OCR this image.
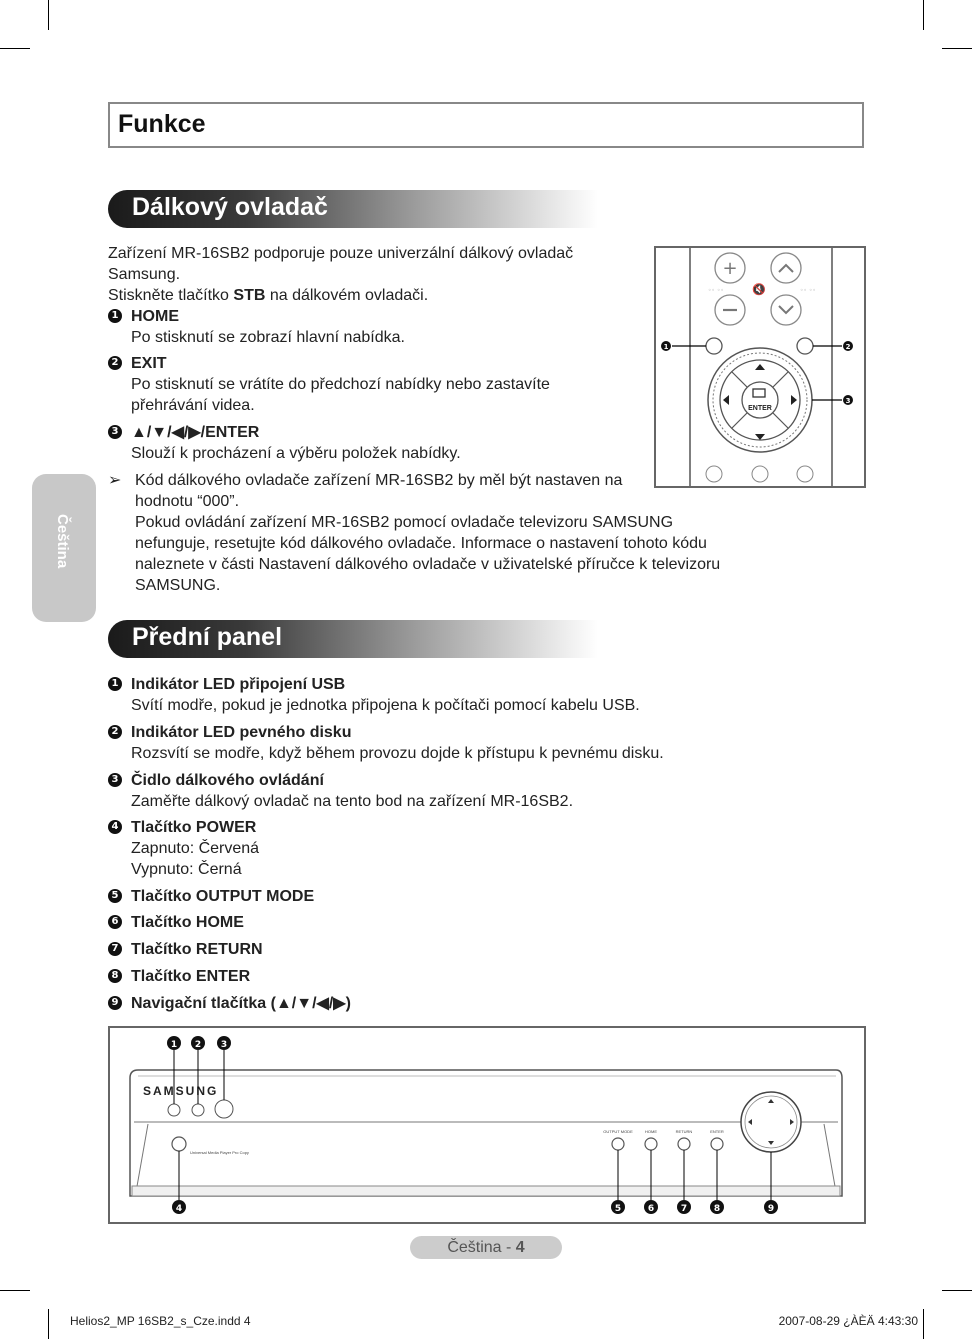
Funkce
Čeština
Dálkový ovladač
Zařízení MR-16SB2 podporuje pouze univerzální dálkový ovladač
Samsung.
Stiskněte tlačítko STB na dálkovém ovladači.
1 HOME
Po stisknutí se zobrazí hlavní nabídka.
2 EXIT
Po stisknutí se vrátíte do předchozí nabídky nebo zastavíte
přehrávání videa.
3 ▲/▼/◀/▶/ENTER
Slouží k procházení a výběru položek nabídky.
➢ Kód dálkového ovladače zařízení MR-16SB2 by měl být nastaven na
hodnotu “000”.
Pokud ovládání zařízení MR-16SB2 pomocí ovladače televizoru SAMSUNG
nefunguje, resetujte kód dálkového ovladače. Informace o nastavení tohoto kódu
naleznete v části Nastavení dálkového ovladače v uživatelské příručce k televizoru
SAMSUNG.
+
🔇
◦◦ ◦◦	◦◦ ◦◦
ENTER
1	2
3
Přední panel
1 Indikátor LED připojení USB
Svítí modře, pokud je jednotka připojena k počítači pomocí kabelu USB.
2 Indikátor LED pevného disku
Rozsvítí se modře, když během provozu dojde k přístupu k pevnému disku.
3 Čidlo dálkového ovládání
Zaměřte dálkový ovladač na tento bod na zařízení MR-16SB2.
4 Tlačítko POWER
Zapnuto: Červená
Vypnuto: Černá
5 Tlačítko OUTPUT MODE
6 Tlačítko HOME
7 Tlačítko RETURN
8 Tlačítko ENTER
9 Navigační tlačítka (▲/▼/◀/▶)
SAMSUNG
Universal Media Player Pro Copy
OUTPUT MODE	HOME	RETURN	ENTER
1 2 3
4	5	6	7	8	9
Čeština - 4
Helios2_MP 16SB2_s_Cze.indd 4	2007-08-29 ¿ÀÈÄ 4:43:30
